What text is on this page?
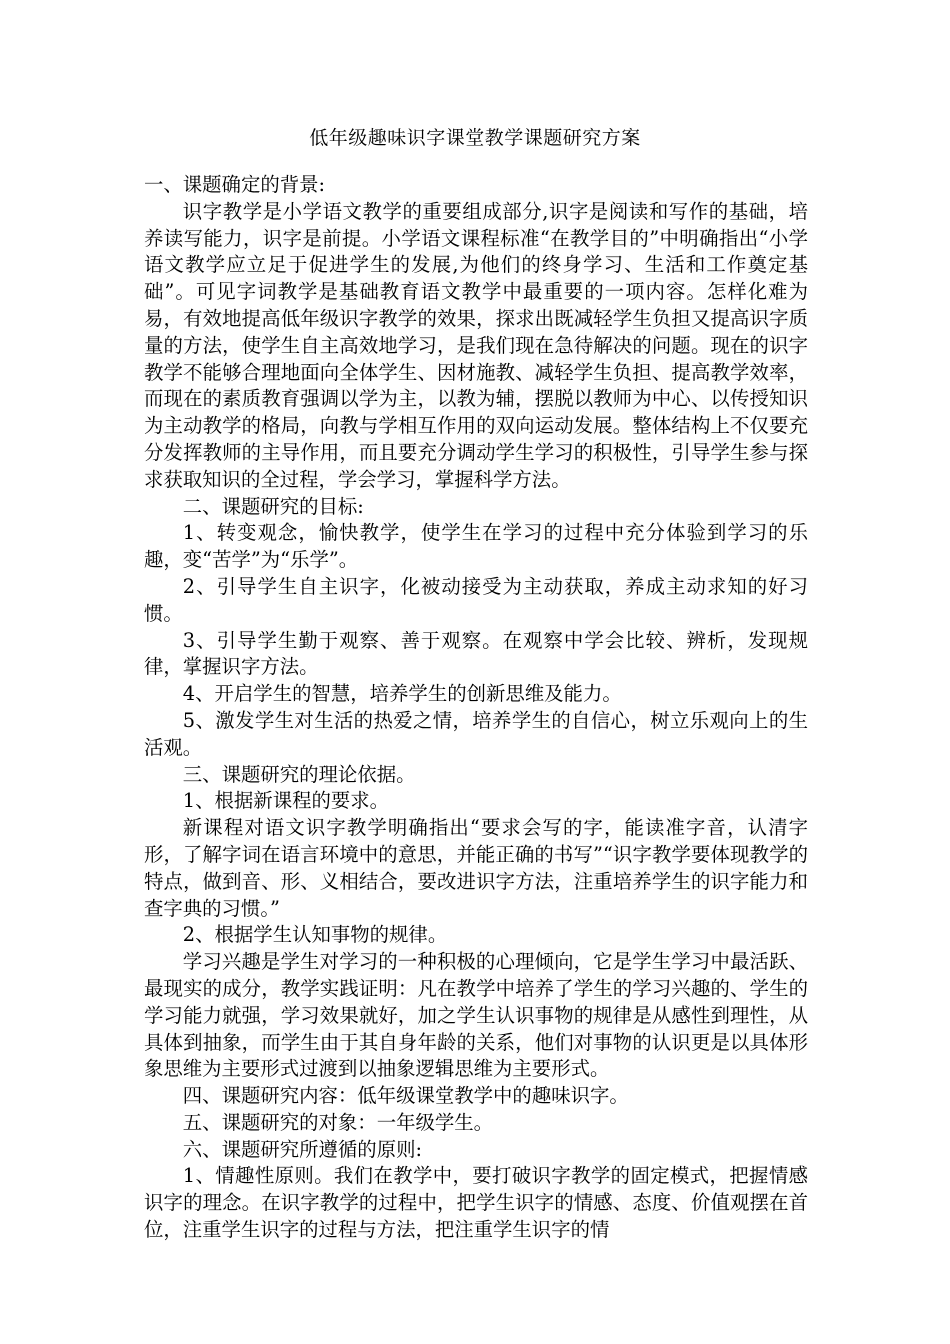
低年级趣味识字课堂教学课题研究方案

一、课题确定的背景:

识字教学是小学语文教学的重要组成部分,识字是阅读和写作的基础，培养读写能力，识字是前提。小学语文课程标准“在教学目的”中明确指出“小学语文教学应立足于促进学生的发展,为他们的终身学习、生活和工作奠定基础”。可见字词教学是基础教育语文教学中最重要的一项内容。怎样化难为易，有效地提高低年级识字教学的效果，探求出既减轻学生负担又提高识字质量的方法，使学生自主高效地学习，是我们现在急待解决的问题。现在的识字教学不能够合理地面向全体学生、因材施教、减轻学生负担、提高教学效率，而现在的素质教育强调以学为主，以教为辅，摆脱以教师为中心、以传授知识为主动教学的格局，向教与学相互作用的双向运动发展。整体结构上不仅要充分发挥教师的主导作用，而且要充分调动学生学习的积极性，引导学生参与探求获取知识的全过程，学会学习，掌握科学方法。

二、课题研究的目标:

1、转变观念，愉快教学，使学生在学习的过程中充分体验到学习的乐趣，变“苦学”为“乐学”。

2、引导学生自主识字，化被动接受为主动获取，养成主动求知的好习惯。

3、引导学生勤于观察、善于观察。在观察中学会比较、辨析，发现规律，掌握识字方法。

4、开启学生的智慧，培养学生的创新思维及能力。

5、激发学生对生活的热爱之情，培养学生的自信心，树立乐观向上的生活观。

三、课题研究的理论依据。

1、根据新课程的要求。

新课程对语文识字教学明确指出“要求会写的字，能读准字音，认清字形，了解字词在语言环境中的意思，并能正确的书写”“识字教学要体现教学的特点，做到音、形、义相结合，要改进识字方法，注重培养学生的识字能力和查字典的习惯。”

2、根据学生认知事物的规律。

学习兴趣是学生对学习的一种积极的心理倾向，它是学生学习中最活跃、最现实的成分，教学实践证明：凡在教学中培养了学生的学习兴趣的、学生的学习能力就强，学习效果就好，加之学生认识事物的规律是从感性到理性，从具体到抽象，而学生由于其自身年龄的关系，他们对事物的认识更是以具体形象思维为主要形式过渡到以抽象逻辑思维为主要形式。

四、课题研究内容：低年级课堂教学中的趣味识字。

五、课题研究的对象：一年级学生。

六、课题研究所遵循的原则:

1、情趣性原则。我们在教学中，要打破识字教学的固定模式，把握情感识字的理念。在识字教学的过程中，把学生识字的情感、态度、价值观摆在首位，注重学生识字的过程与方法，把注重学生识字的情
